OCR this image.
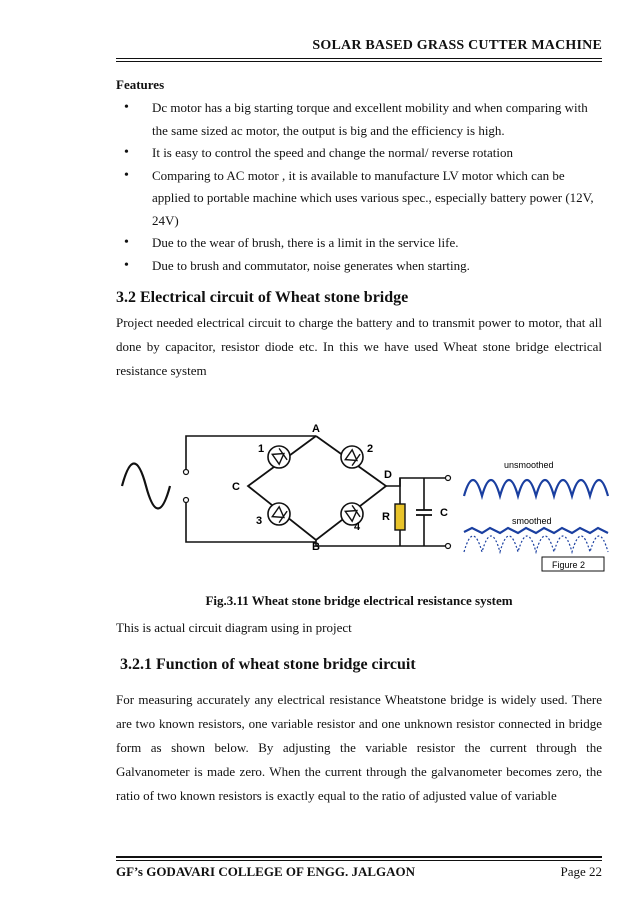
SOLAR BASED GRASS CUTTER MACHINE
Features
• Dc motor has a big starting torque and excellent mobility and when comparing with the same sized ac motor, the output is big and the efficiency is high.
• It is easy to control the speed and change the normal/ reverse rotation
• Comparing to AC motor , it is available to manufacture LV motor which can be applied to portable machine which uses various spec., especially battery power (12V, 24V)
• Due to the wear of brush, there is a limit in the service life.
• Due to brush and commutator, noise generates when starting.
3.2 Electrical circuit of Wheat stone bridge
Project needed electrical circuit to charge the battery and to transmit power to motor, that all done by capacitor, resistor diode etc. In this we have used Wheat stone bridge electrical resistance system
A
B
C
D
1	2
3	4
R	C
unsmoothed
smoothed
Figure 2
Fig.3.11 Wheat stone bridge electrical resistance system
This is actual circuit diagram using in project
3.2.1 Function of wheat stone bridge circuit
For measuring accurately any electrical resistance Wheatstone bridge is widely used. There are two known resistors, one variable resistor and one unknown resistor connected in bridge form as shown below. By adjusting the variable resistor the current through the Galvanometer is made zero. When the current through the galvanometer becomes zero, the ratio of two known resistors is exactly equal to the ratio of adjusted value of variable
GF’s GODAVARI COLLEGE OF ENGG. JALGAON	Page 22
